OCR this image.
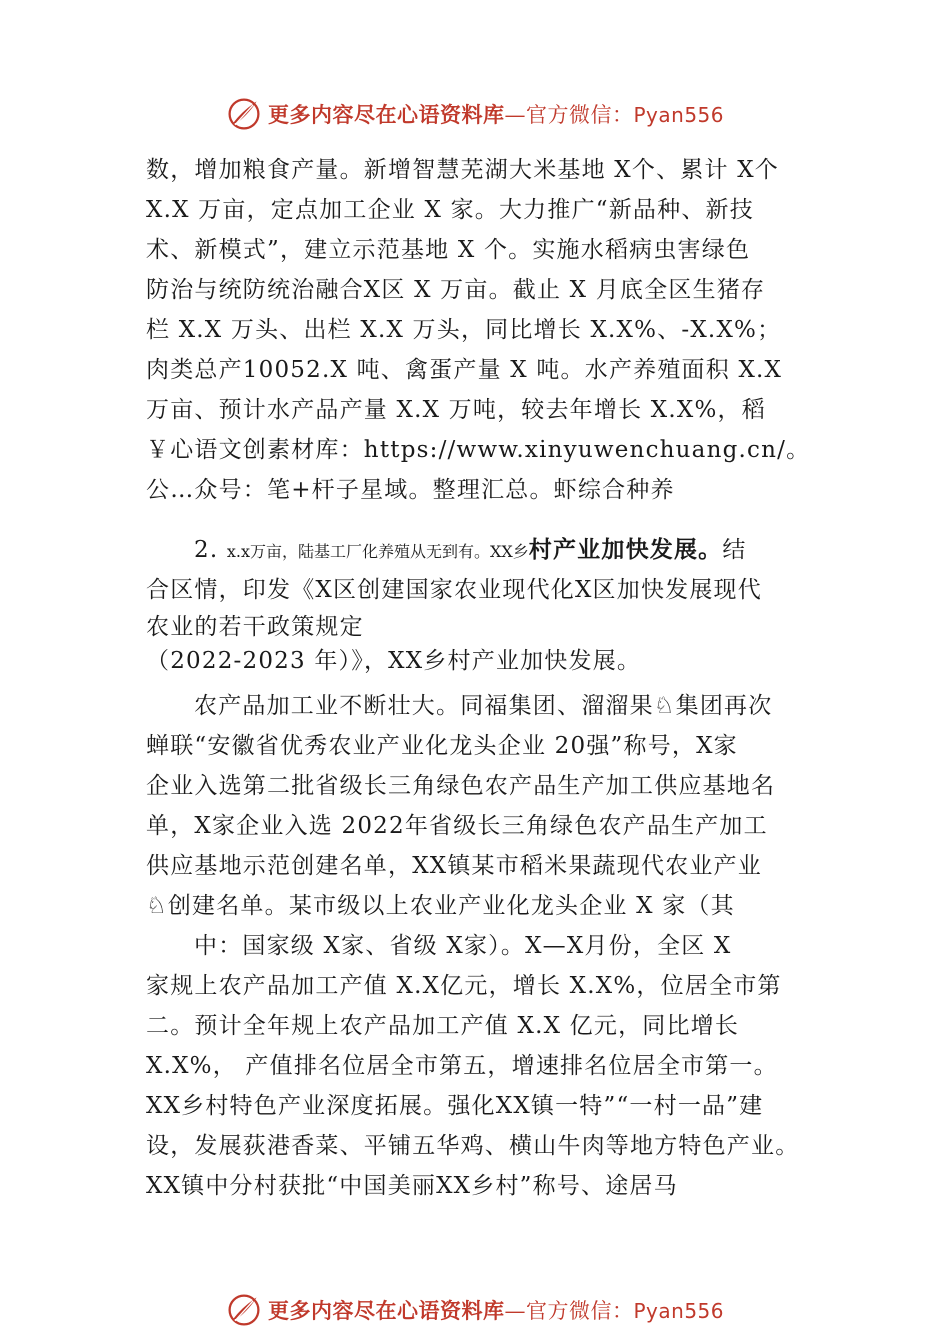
更多内容尽在心语资料库—官方微信：Pyan556
数，增加粮食产量。新增智慧芜湖大米基地 X个、累计 X个
X.X 万亩，定点加工企业 X 家。大力推广“新品种、新技
术、新模式”，建立示范基地 X 个。实施水稻病虫害绿色
防治与统防统治融合X区 X 万亩。截止 X 月底全区生猪存
栏 X.X 万头、出栏 X.X 万头，同比增长 X.X%、-X.X%；
肉类总产10052.X 吨、禽蛋产量 X 吨。水产养殖面积 X.X
万亩、预计水产品产量 X.X 万吨，较去年增长 X.X%，稻
￥心语文创素材库：https://www.xinyuwenchuang.cn/。
公…众号：笔+杆子星域。整理汇总。虾综合种养
2. x.x万亩，陆基工厂化养殖从无到有。XX乡村产业加快发展。结
合区情，印发《X区创建国家农业现代化X区加快发展现代
农业的若干政策规定
（2022-2023 年）》，XX乡村产业加快发展。
农产品加工业不断壮大。同福集团、溜溜果♘集团再次
蝉联“安徽省优秀农业产业化龙头企业 20强”称号，X家
企业入选第二批省级长三角绿色农产品生产加工供应基地名
单，X家企业入选 2022年省级长三角绿色农产品生产加工
供应基地示范创建名单，XX镇某市稻米果蔬现代农业产业
♘创建名单。某市级以上农业产业化龙头企业 X 家（其
中：国家级 X家、省级 X家）。X—X月份，全区 X
家规上农产品加工产值 X.X亿元，增长 X.X%，位居全市第
二。预计全年规上农产品加工产值 X.X 亿元，同比增长
X.X%， 产值排名位居全市第五，增速排名位居全市第一。
XX乡村特色产业深度拓展。强化XX镇一特”“一村一品”建
设，发展荻港香菜、平铺五华鸡、横山牛肉等地方特色产业。
XX镇中分村获批“中国美丽XX乡村”称号、途居马
更多内容尽在心语资料库—官方微信：Pyan556
